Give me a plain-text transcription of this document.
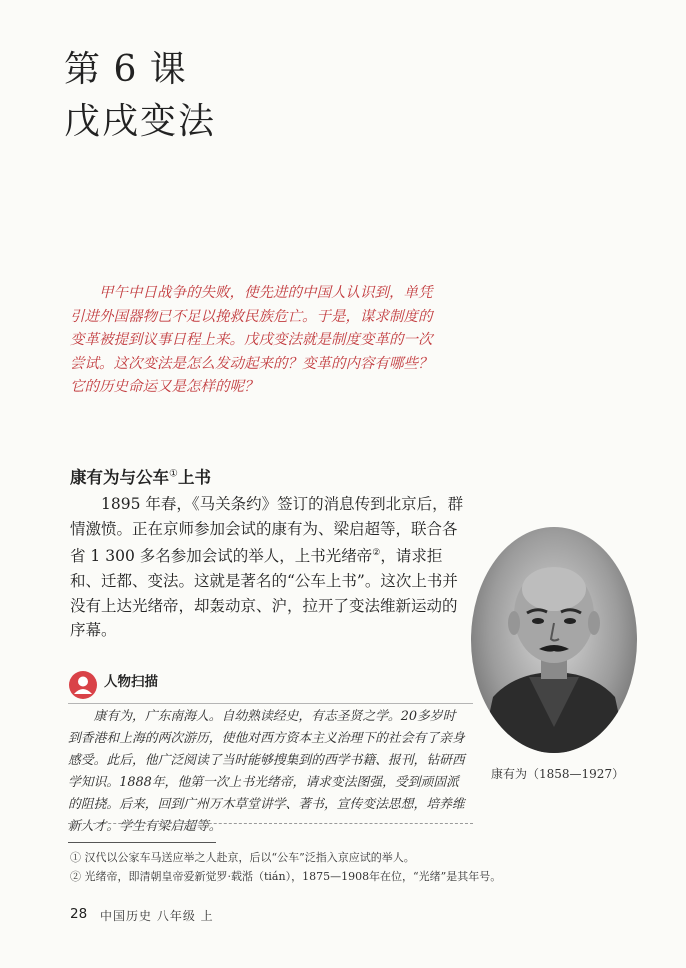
第 6 课
戊戌变法
甲午中日战争的失败，使先进的中国人认识到，单凭引进外国器物已不足以挽救民族危亡。于是，谋求制度的变革被提到议事日程上来。戊戌变法就是制度变革的一次尝试。这次变法是怎么发动起来的？变革的内容有哪些？它的历史命运又是怎样的呢？
康有为与公车①上书
1895 年春，《马关条约》签订的消息传到北京后，群情激愤。正在京师参加会试的康有为、梁启超等，联合各省 1 300 多名参加会试的举人，上书光绪帝②，请求拒和、迁都、变法。这就是著名的“公车上书”。这次上书并没有上达光绪帝，却轰动京、沪，拉开了变法维新运动的序幕。
康有为（1858—1927）
人物扫描
康有为，广东南海人。自幼熟读经史，有志圣贤之学。20多岁时到香港和上海的两次游历，使他对西方资本主义治理下的社会有了亲身感受。此后，他广泛阅读了当时能够搜集到的西学书籍、报刊，钻研西学知识。1888年，他第一次上书光绪帝，请求变法图强，受到顽固派的阻挠。后来，回到广州万木草堂讲学、著书，宣传变法思想，培养维新人才。学生有梁启超等。
① 汉代以公家车马送应举之人赴京，后以“公车”泛指入京应试的举人。
② 光绪帝，即清朝皇帝爱新觉罗·载湉（tián），1875—1908年在位，“光绪”是其年号。
28 中国历史 八年级 上
